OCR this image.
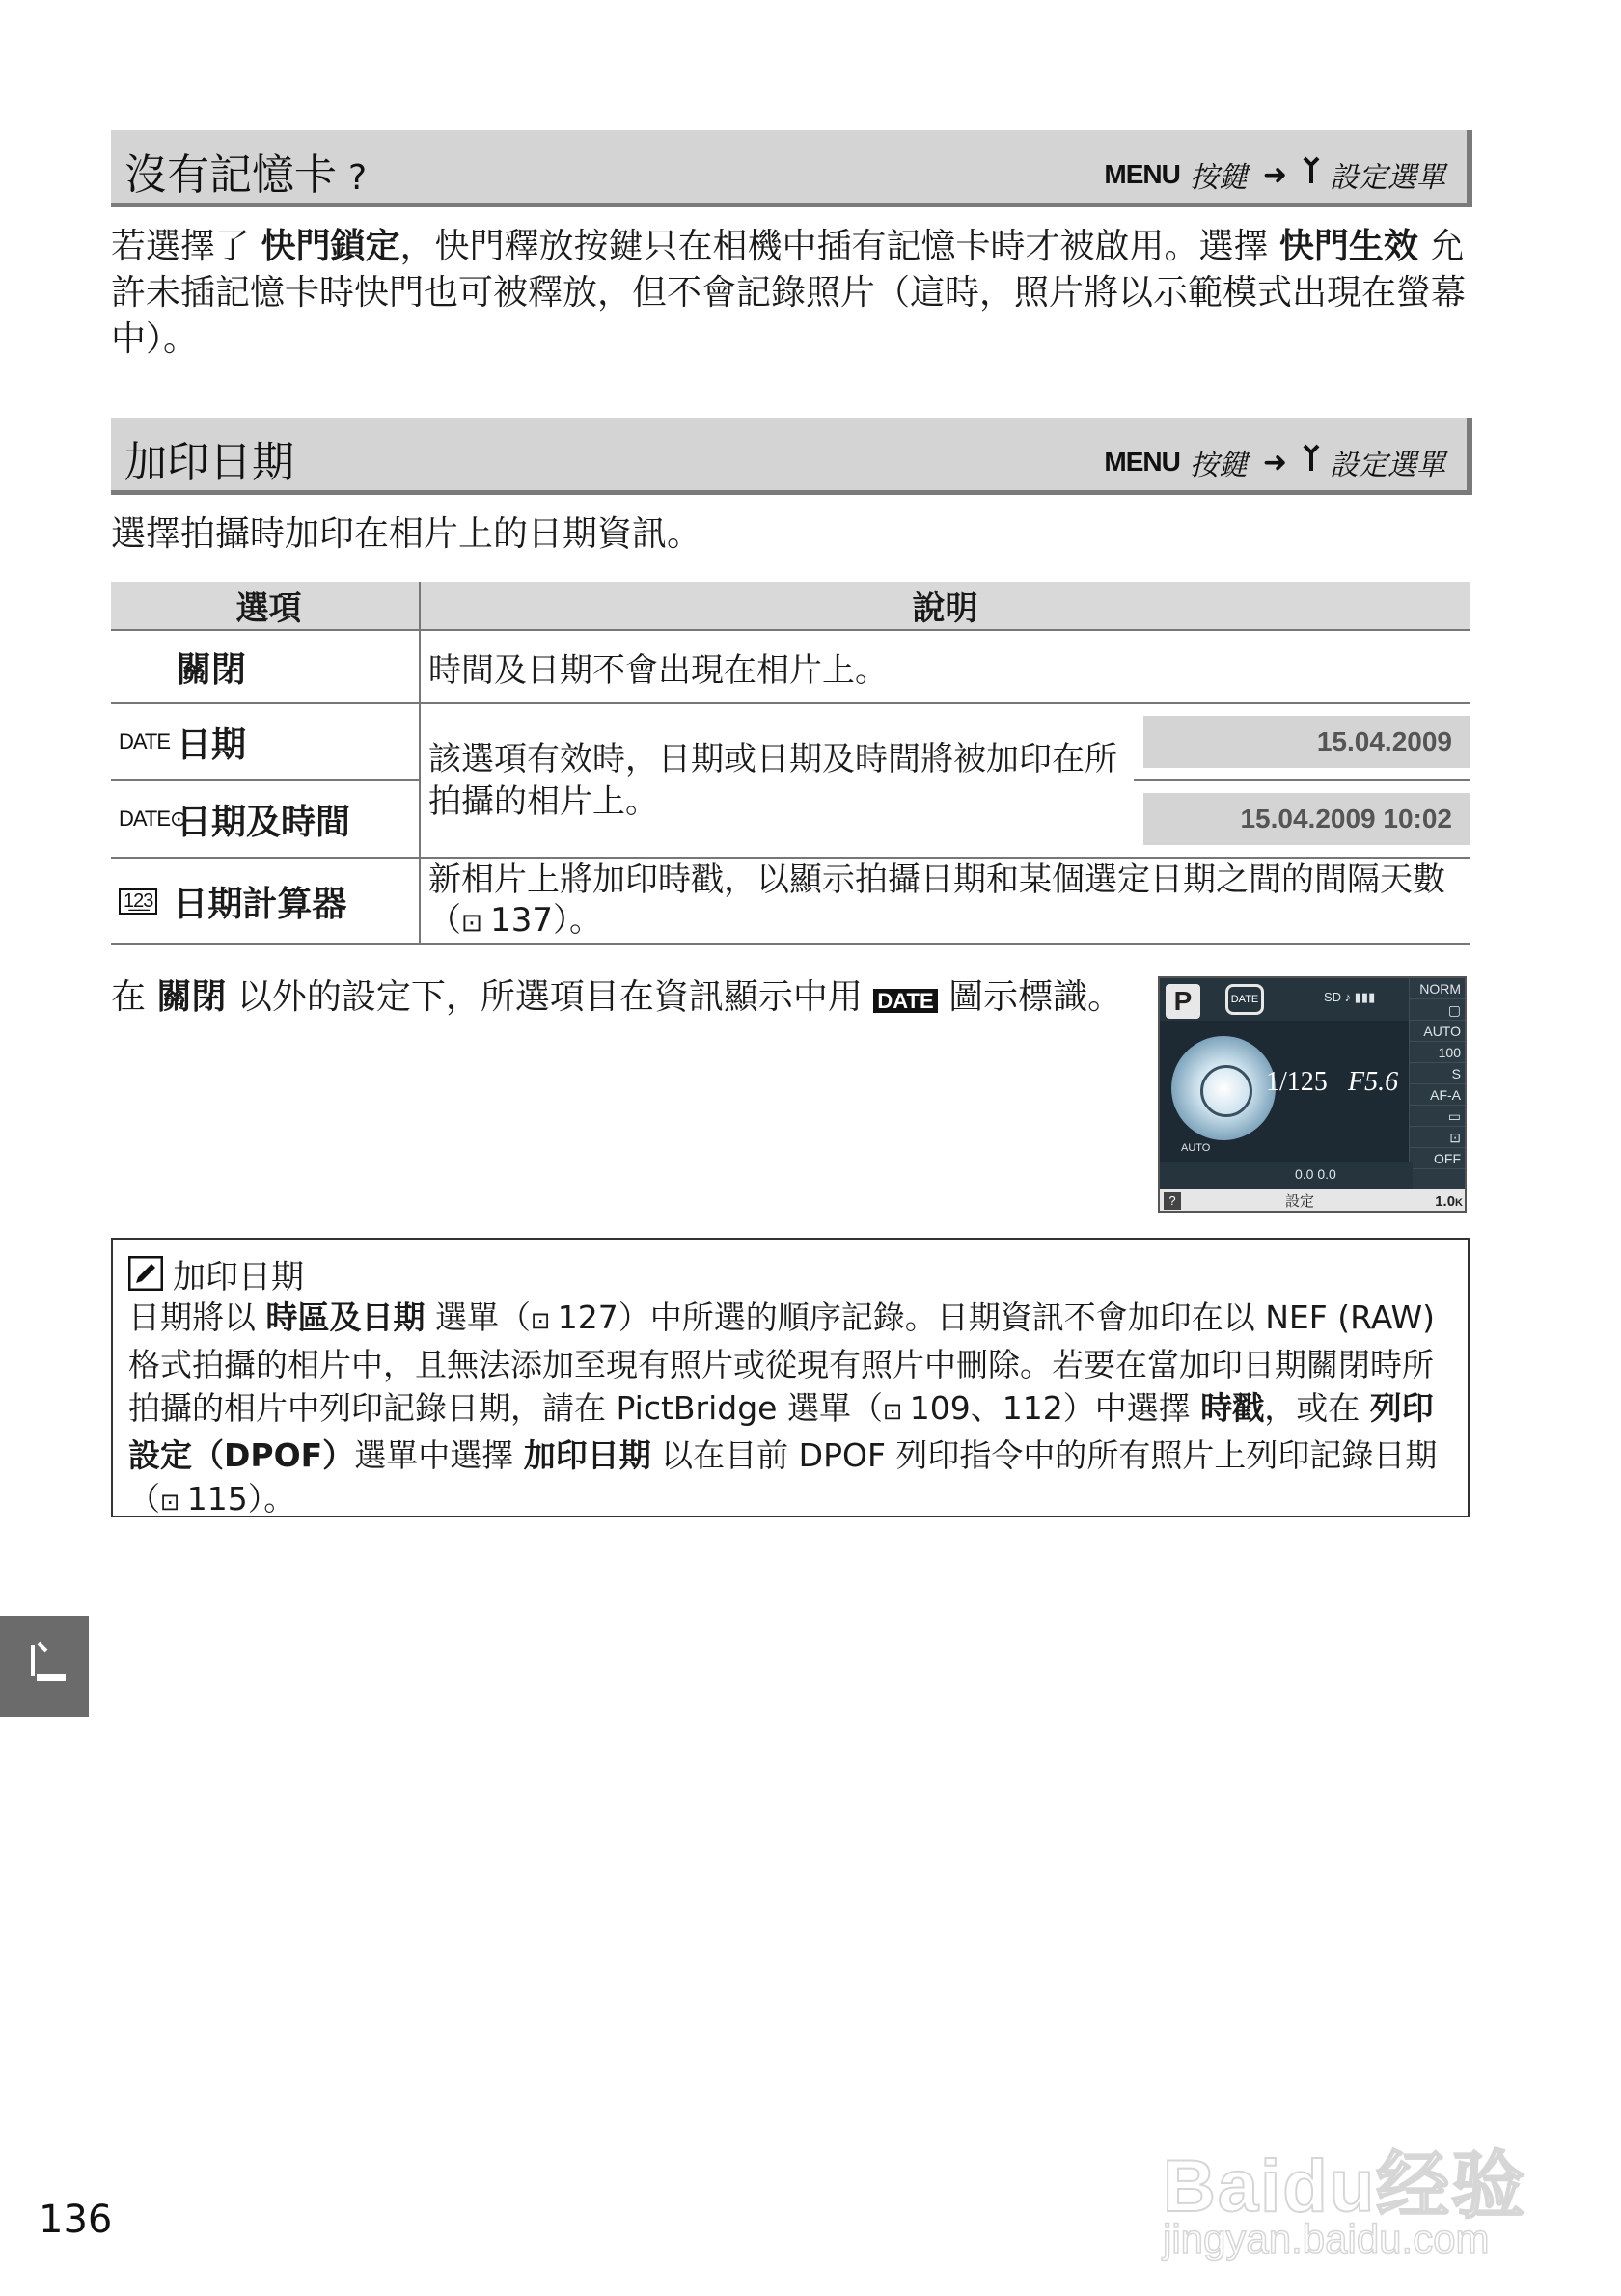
沒有記憶卡 ?	MENU 按鍵 ➜ 設定選單
若選擇了 快門鎖定，快門釋放按鍵只在相機中插有記憶卡時才被啟用。選擇 快門生效 允許未插記憶卡時快門也可被釋放，但不會記錄照片（這時，照片將以示範模式出現在螢幕中）。
加印日期	MENU 按鍵 ➜ 設定選單
選擇拍攝時加印在相片上的日期資訊。
選項	說明	
關閉	時間及日期不會出現在相片上。	
DATE 日期	該選項有效時，日期或日期及時間將被加印在所拍攝的相片上。	15.04.2009

DATE⊙日期及時間		15.04.2009 10:02

1̲2̲3 日期計算器	新相片上將加印時戳，以顯示拍攝日期和某個選定日期之間的間隔天數（⊡ 137）。	
在 關閉 以外的設定下，所選項目在資訊顯示中用 DATE 圖示標識。	P	DATE	SD ♪ ▮▮▮
NORM
▢
AUTO
100
S
AF-A
▭
⊡
OFF
1/125 F5.6
AUTO
0.0 0.0
?	設定	1.0K
加印日期
日期將以 時區及日期 選單（⊡ 127）中所選的順序記錄。日期資訊不會加印在以 NEF (RAW) 格式拍攝的相片中，且無法添加至現有照片或從現有照片中刪除。若要在當加印日期關閉時所拍攝的相片中列印記錄日期，請在 PictBridge 選單（⊡ 109、112）中選擇 時戳，或在 列印設定（DPOF）選單中選擇 加印日期 以在目前 DPOF 列印指令中的所有照片上列印記錄日期（⊡ 115）。
136	Baidu经验
jingyan.baidu.com
